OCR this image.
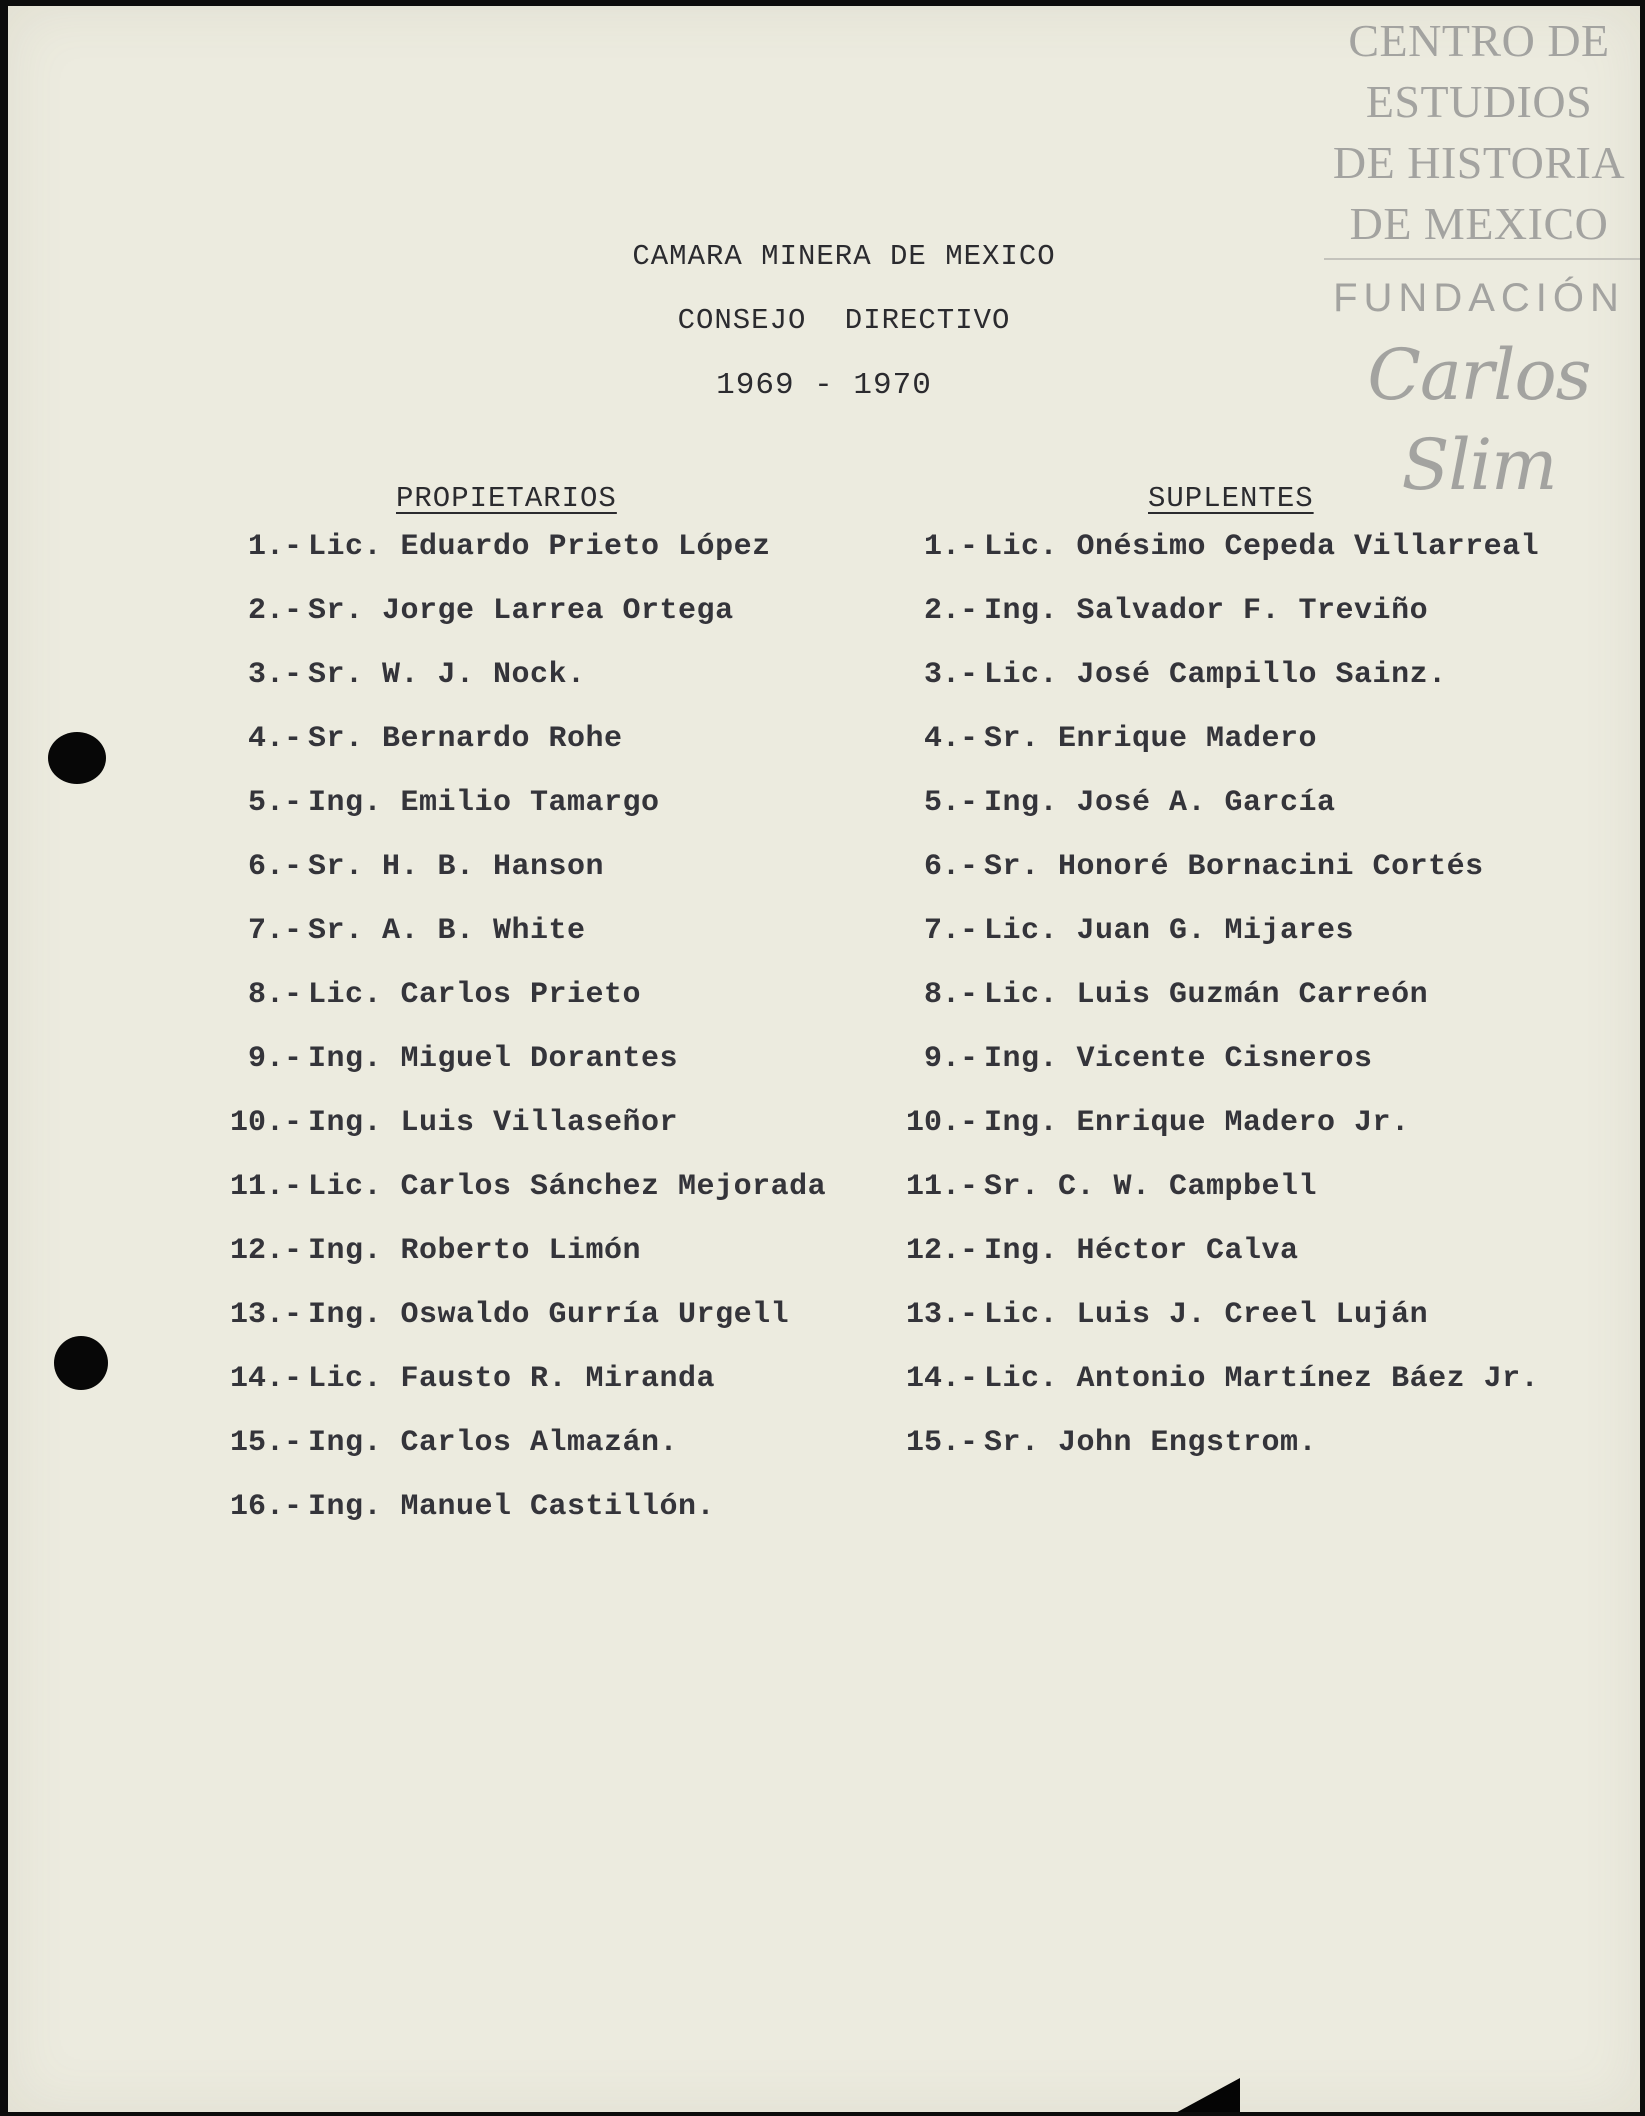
CENTRO DE
ESTUDIOS
DE HISTORIA
DE MEXICO
FUNDACIÓN
Carlos Slim
CAMARA MINERA DE MEXICO
CONSEJO DIRECTIVO
1969 - 1970
PROPIETARIOS	SUPLENTES
1.- Lic. Eduardo Prieto López
2.- Sr. Jorge Larrea Ortega
3.- Sr. W. J. Nock.
4.- Sr. Bernardo Rohe
5.- Ing. Emilio Tamargo
6.- Sr. H. B. Hanson
7.- Sr. A. B. White
8.- Lic. Carlos Prieto
9.- Ing. Miguel Dorantes
10.- Ing. Luis Villaseñor
11.- Lic. Carlos Sánchez Mejorada
12.- Ing. Roberto Limón
13.- Ing. Oswaldo Gurría Urgell
14.- Lic. Fausto R. Miranda
15.- Ing. Carlos Almazán.
16.- Ing. Manuel Castillón.
1.- Lic. Onésimo Cepeda Villarreal
2.- Ing. Salvador F. Treviño
3.- Lic. José Campillo Sainz.
4.- Sr. Enrique Madero
5.- Ing. José A. García
6.- Sr. Honoré Bornacini Cortés
7.- Lic. Juan G. Mijares
8.- Lic. Luis Guzmán Carreón
9.- Ing. Vicente Cisneros
10.- Ing. Enrique Madero Jr.
11.- Sr. C. W. Campbell
12.- Ing. Héctor Calva
13.- Lic. Luis J. Creel Luján
14.- Lic. Antonio Martínez Báez Jr.
15.- Sr. John Engstrom.
